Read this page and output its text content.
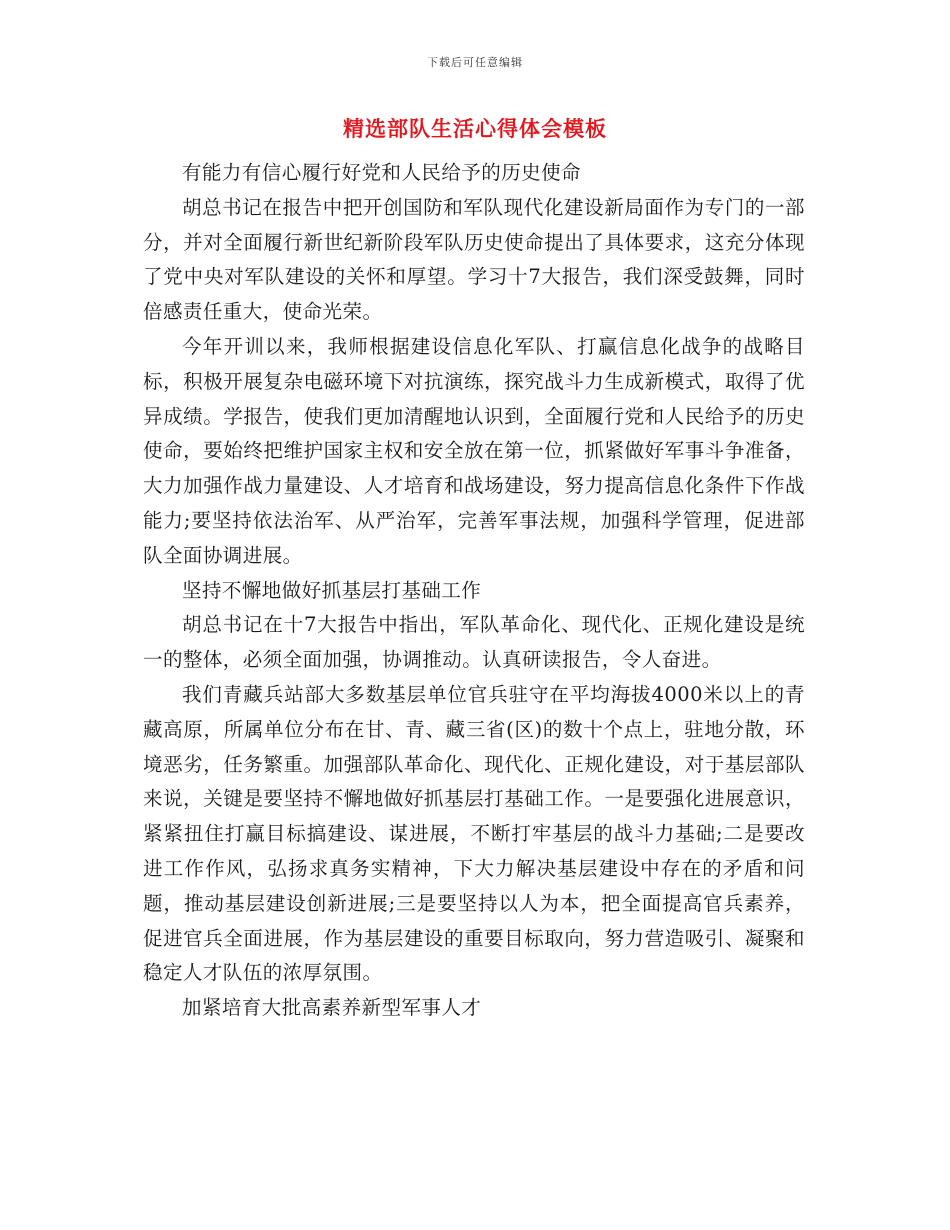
下载后可任意编辑
精选部队生活心得体会模板

有能力有信心履行好党和人民给予的历史使命

胡总书记在报告中把开创国防和军队现代化建设新局面作为专门的一部分，并对全面履行新世纪新阶段军队历史使命提出了具体要求，这充分体现了党中央对军队建设的关怀和厚望。学习十7大报告，我们深受鼓舞，同时倍感责任重大，使命光荣。

今年开训以来，我师根据建设信息化军队、打赢信息化战争的战略目标，积极开展复杂电磁环境下对抗演练，探究战斗力生成新模式，取得了优异成绩。学报告，使我们更加清醒地认识到，全面履行党和人民给予的历史使命，要始终把维护国家主权和安全放在第一位，抓紧做好军事斗争准备，大力加强作战力量建设、人才培育和战场建设，努力提高信息化条件下作战能力;要坚持依法治军、从严治军，完善军事法规，加强科学管理，促进部队全面协调进展。

坚持不懈地做好抓基层打基础工作

胡总书记在十7大报告中指出，军队革命化、现代化、正规化建设是统一的整体，必须全面加强，协调推动。认真研读报告，令人奋进。

我们青藏兵站部大多数基层单位官兵驻守在平均海拔4000米以上的青藏高原，所属单位分布在甘、青、藏三省(区)的数十个点上，驻地分散，环境恶劣，任务繁重。加强部队革命化、现代化、正规化建设，对于基层部队来说，关键是要坚持不懈地做好抓基层打基础工作。一是要强化进展意识，紧紧扭住打赢目标搞建设、谋进展，不断打牢基层的战斗力基础;二是要改进工作作风，弘扬求真务实精神，下大力解决基层建设中存在的矛盾和问题，推动基层建设创新进展;三是要坚持以人为本，把全面提高官兵素养，促进官兵全面进展，作为基层建设的重要目标取向，努力营造吸引、凝聚和稳定人才队伍的浓厚氛围。

加紧培育大批高素养新型军事人才
